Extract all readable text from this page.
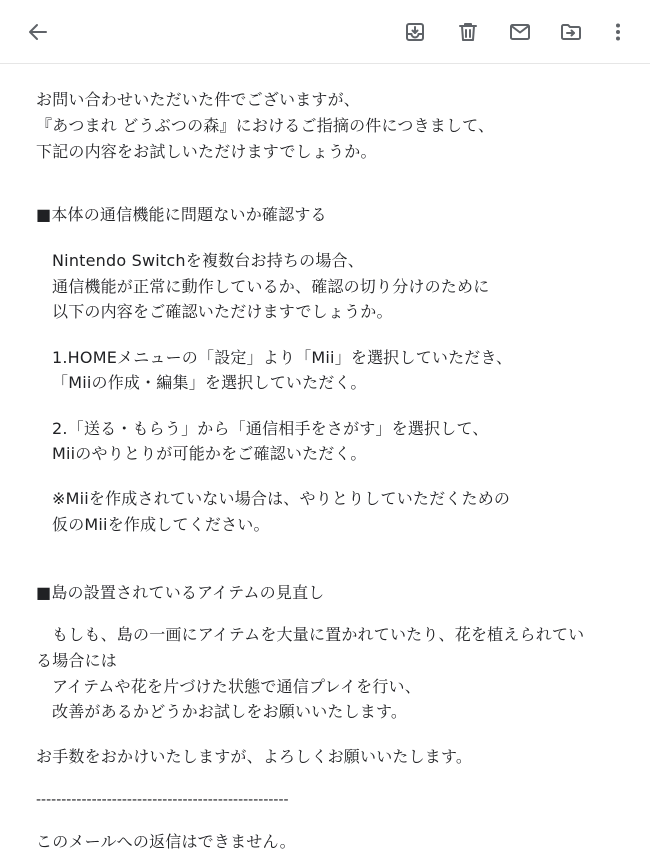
お問い合わせいただいた件でございますが、
『あつまれ どうぶつの森』におけるご指摘の件につきまして、
下記の内容をお試しいただけますでしょうか。
■本体の通信機能に問題ないか確認する
Nintendo Switchを複数台お持ちの場合、
通信機能が正常に動作しているか、確認の切り分けのために
以下の内容をご確認いただけますでしょうか。
1.HOMEメニューの「設定」より「Mii」を選択していただき、
「Miiの作成・編集」を選択していただく。
2.「送る・もらう」から「通信相手をさがす」を選択して、
Miiのやりとりが可能かをご確認いただく。
※Miiを作成されていない場合は、やりとりしていただくための
仮のMiiを作成してください。
■島の設置されているアイテムの見直し
もしも、島の一画にアイテムを大量に置かれていたり、花を植えられてい
る場合には
アイテムや花を片づけた状態で通信プレイを行い、
改善があるかどうかお試しをお願いいたします。
お手数をおかけいたしますが、よろしくお願いいたします。
--------------------------------------------------
このメールへの返信はできません。
